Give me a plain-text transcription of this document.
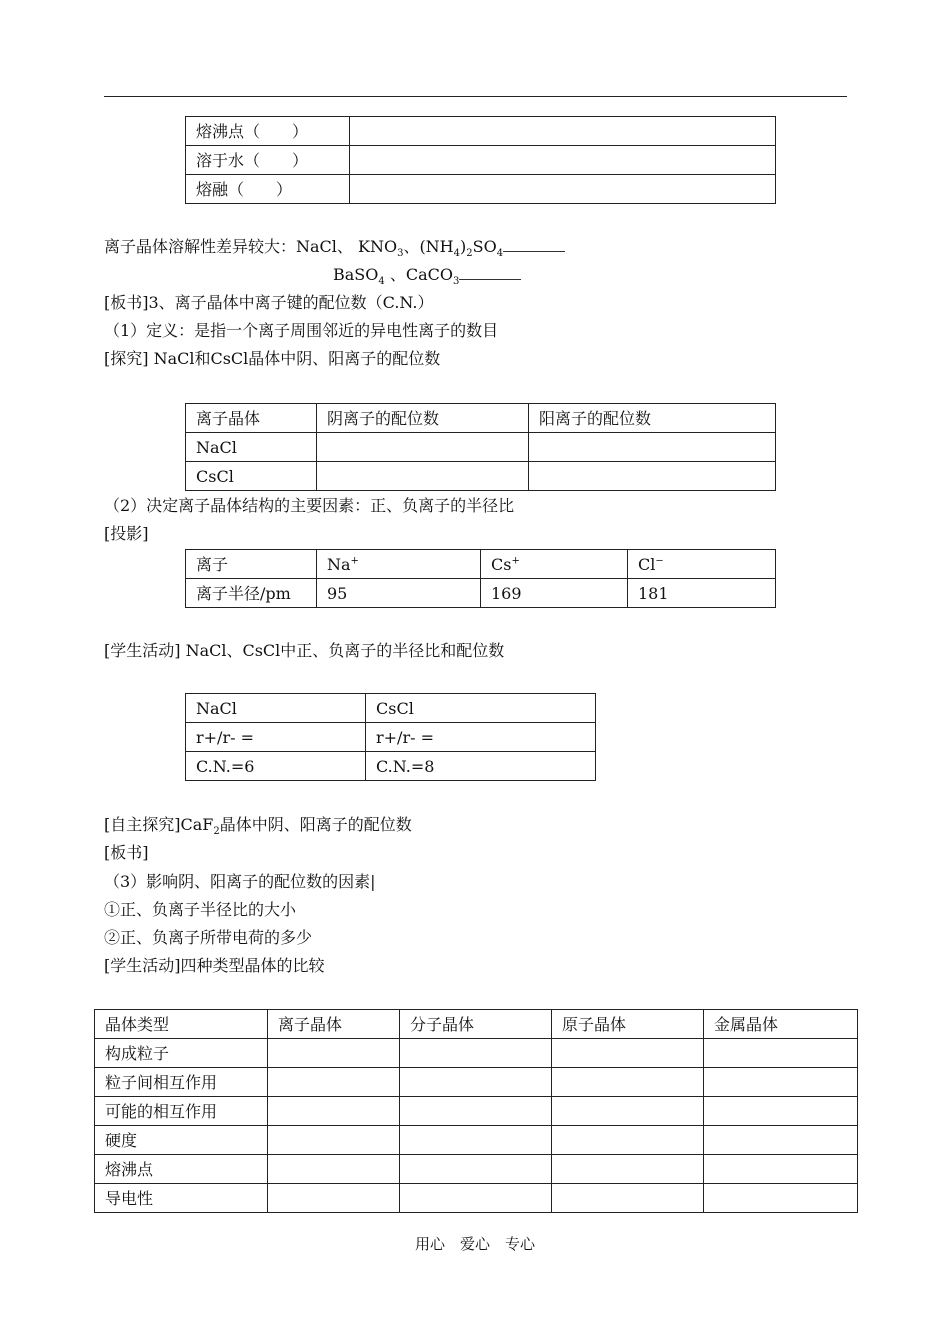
熔沸点（　　）	
溶于水（　　）	
熔融（　　）	
离子晶体溶解性差异较大：NaCl、 $KNO_3$、$(NH_4)_2SO_4$
BaSO$_4$ 、CaCO$_3$
[板书]3、离子晶体中离子键的配位数（C.N.）
（1）定义：是指一个离子周围邻近的异电性离子的数目
[探究] NaCl和CsCl晶体中阴、阳离子的配位数
离子晶体	阴离子的配位数	阳离子的配位数
NaCl		
CsCl		
（2）决定离子晶体结构的主要因素：正、负离子的半径比
[投影]
离子	Na+	Cs+	Cl−
离子半径/pm	95	169	181
[学生活动] NaCl、CsCl中正、负离子的半径比和配位数
NaCl	CsCl
r+/r- =	r+/r- =
C.N.=6	C.N.=8
[自主探究]CaF$_2$晶体中阴、阳离子的配位数
[板书]
（3）影响阴、阳离子的配位数的因素|
①正、负离子半径比的大小
②正、负离子所带电荷的多少
[学生活动]四种类型晶体的比较
晶体类型	离子晶体	分子晶体	原子晶体	金属晶体
构成粒子				
粒子间相互作用				
可能的相互作用				
硬度				
熔沸点				
导电性				
用心　爱心　专心
